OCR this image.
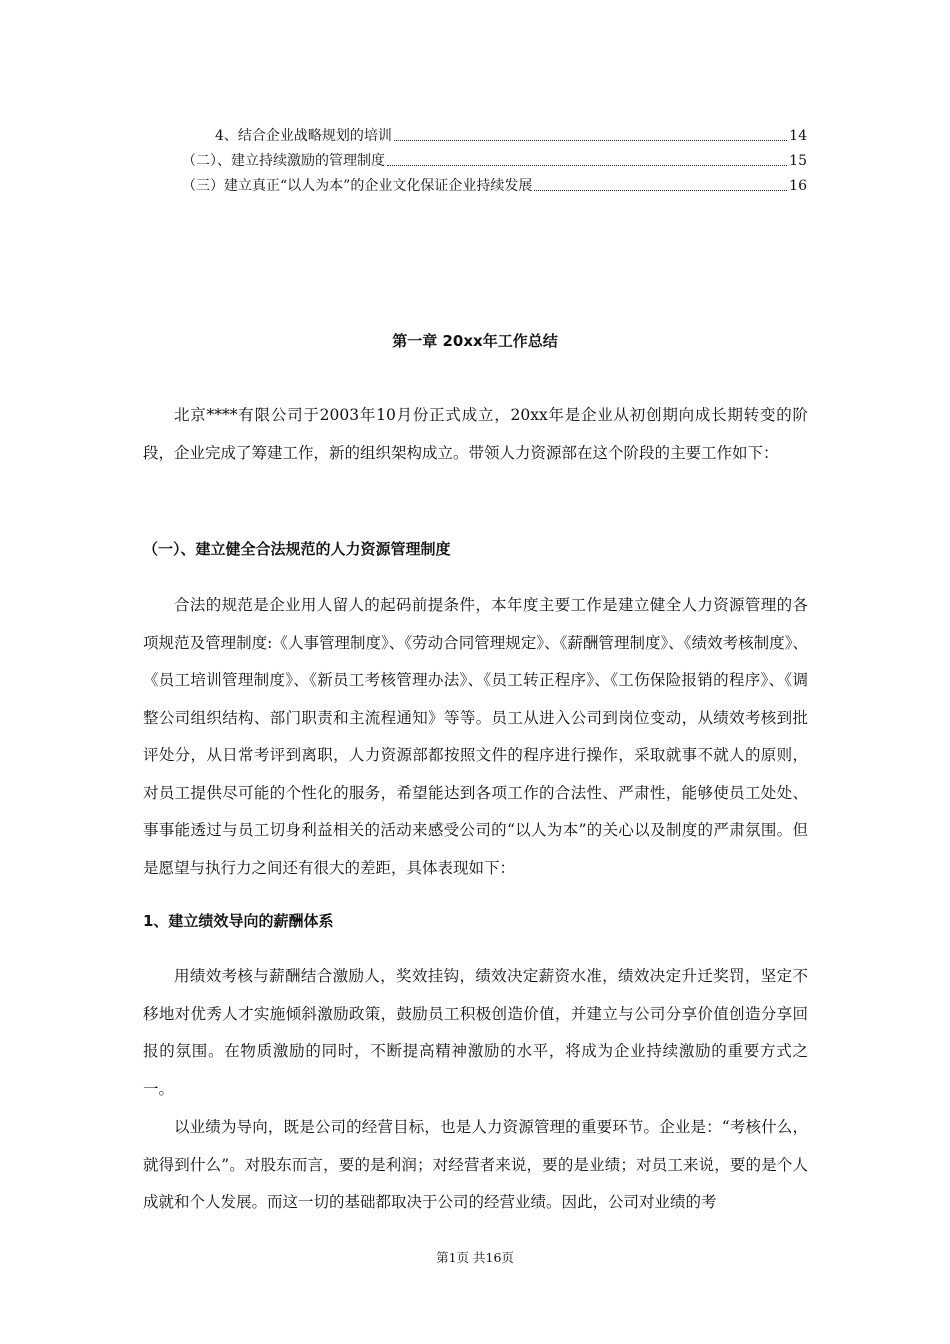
4、结合企业战略规划的培训	14
（二）、建立持续激励的管理制度	15
（三）建立真正“以人为本”的企业文化保证企业持续发展	16
第一章 20xx年工作总结

北京****有限公司于2003年10月份正式成立，20xx年是企业从初创期向成长期转变的阶段，企业完成了筹建工作，新的组织架构成立。带领人力资源部在这个阶段的主要工作如下：

（一）、建立健全合法规范的人力资源管理制度

合法的规范是企业用人留人的起码前提条件，本年度主要工作是建立健全人力资源管理的各项规范及管理制度:《人事管理制度》、《劳动合同管理规定》、《薪酬管理制度》、《绩效考核制度》、《员工培训管理制度》、《新员工考核管理办法》、《员工转正程序》、《工伤保险报销的程序》、《调整公司组织结构、部门职责和主流程通知》等等。员工从进入公司到岗位变动，从绩效考核到批评处分，从日常考评到离职，人力资源部都按照文件的程序进行操作，采取就事不就人的原则，对员工提供尽可能的个性化的服务，希望能达到各项工作的合法性、严肃性，能够使员工处处、事事能透过与员工切身利益相关的活动来感受公司的“以人为本”的关心以及制度的严肃氛围。但是愿望与执行力之间还有很大的差距，具体表现如下：

1、建立绩效导向的薪酬体系

用绩效考核与薪酬结合激励人，奖效挂钩，绩效决定薪资水准，绩效决定升迁奖罚，坚定不移地对优秀人才实施倾斜激励政策，鼓励员工积极创造价值，并建立与公司分享价值创造分享回报的氛围。在物质激励的同时，不断提高精神激励的水平，将成为企业持续激励的重要方式之一。

以业绩为导向，既是公司的经营目标，也是人力资源管理的重要环节。企业是：“考核什么，就得到什么”。对股东而言，要的是利润；对经营者来说，要的是业绩；对员工来说，要的是个人成就和个人发展。而这一切的基础都取决于公司的经营业绩。因此，公司对业绩的考

第1页 共16页
